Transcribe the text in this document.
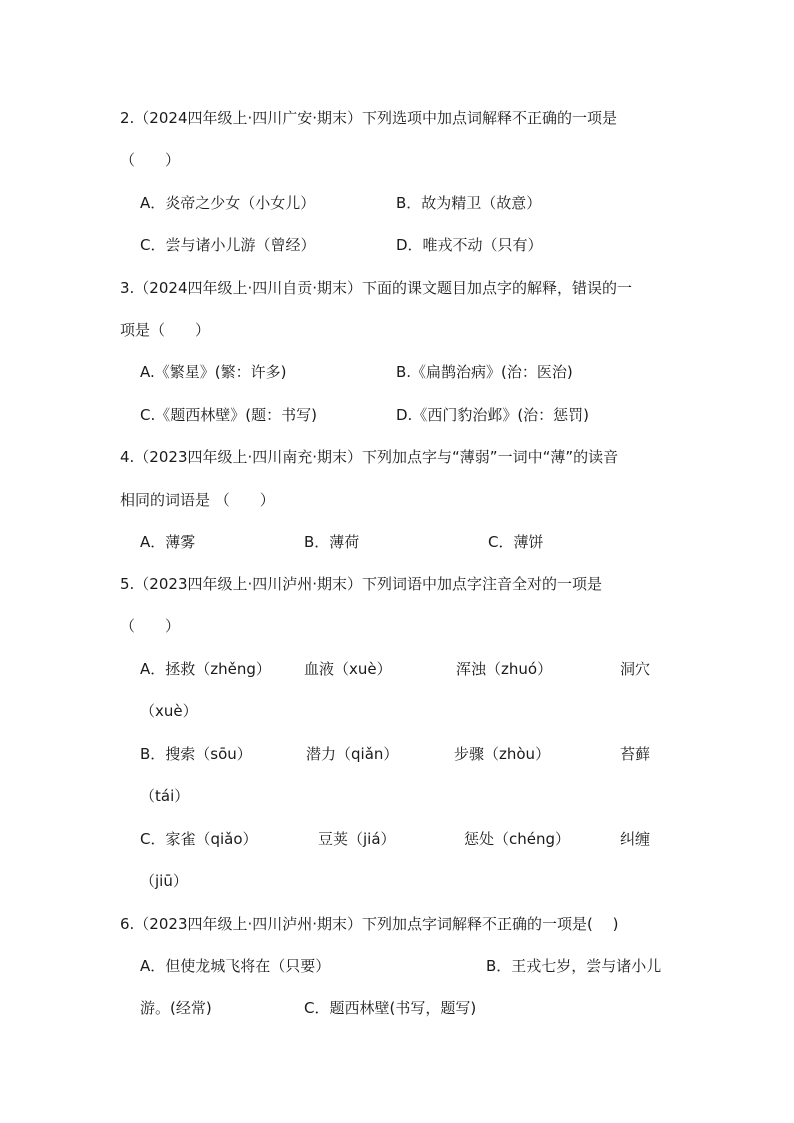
2.（2024四年级上·四川广安·期末）下列选项中加点词解释不正确的一项是
（　　）
A．炎帝之少女（小女儿）	B．故为精卫（故意）
C．尝与诸小儿游（曾经）	D．唯戎不动（只有）
3.（2024四年级上·四川自贡·期末）下面的课文题目加点字的解释，错误的一
项是（　　）
A.《繁星》(繁：许多)	B.《扁鹊治病》(治：医治)
C.《题西林壁》(题：书写)	D.《西门豹治邺》(治：惩罚)
4.（2023四年级上·四川南充·期末）下列加点字与“薄弱”一词中“薄”的读音
相同的词语是 （　　）
A．薄雾	B．薄荷	C．薄饼
5.（2023四年级上·四川泸州·期末）下列词语中加点字注音全对的一项是
（　　）
A．拯救（zhěng） 血液（xuè）	浑浊（zhuó）	洞穴
（xuè）
B．搜索（sōu）	潜力（qiǎn）	步骤（zhòu）	苔藓
（tái）
C．家雀（qiǎo）	豆荚（jiá）	惩处（chéng）	纠缠
（jiū）
6.（2023四年级上·四川泸州·期末）下列加点字词解释不正确的一项是(　 )
A．但使龙城飞将在（只要）	B．王戎七岁，尝与诸小儿
游。(经常)	C．题西林壁(书写，题写)
